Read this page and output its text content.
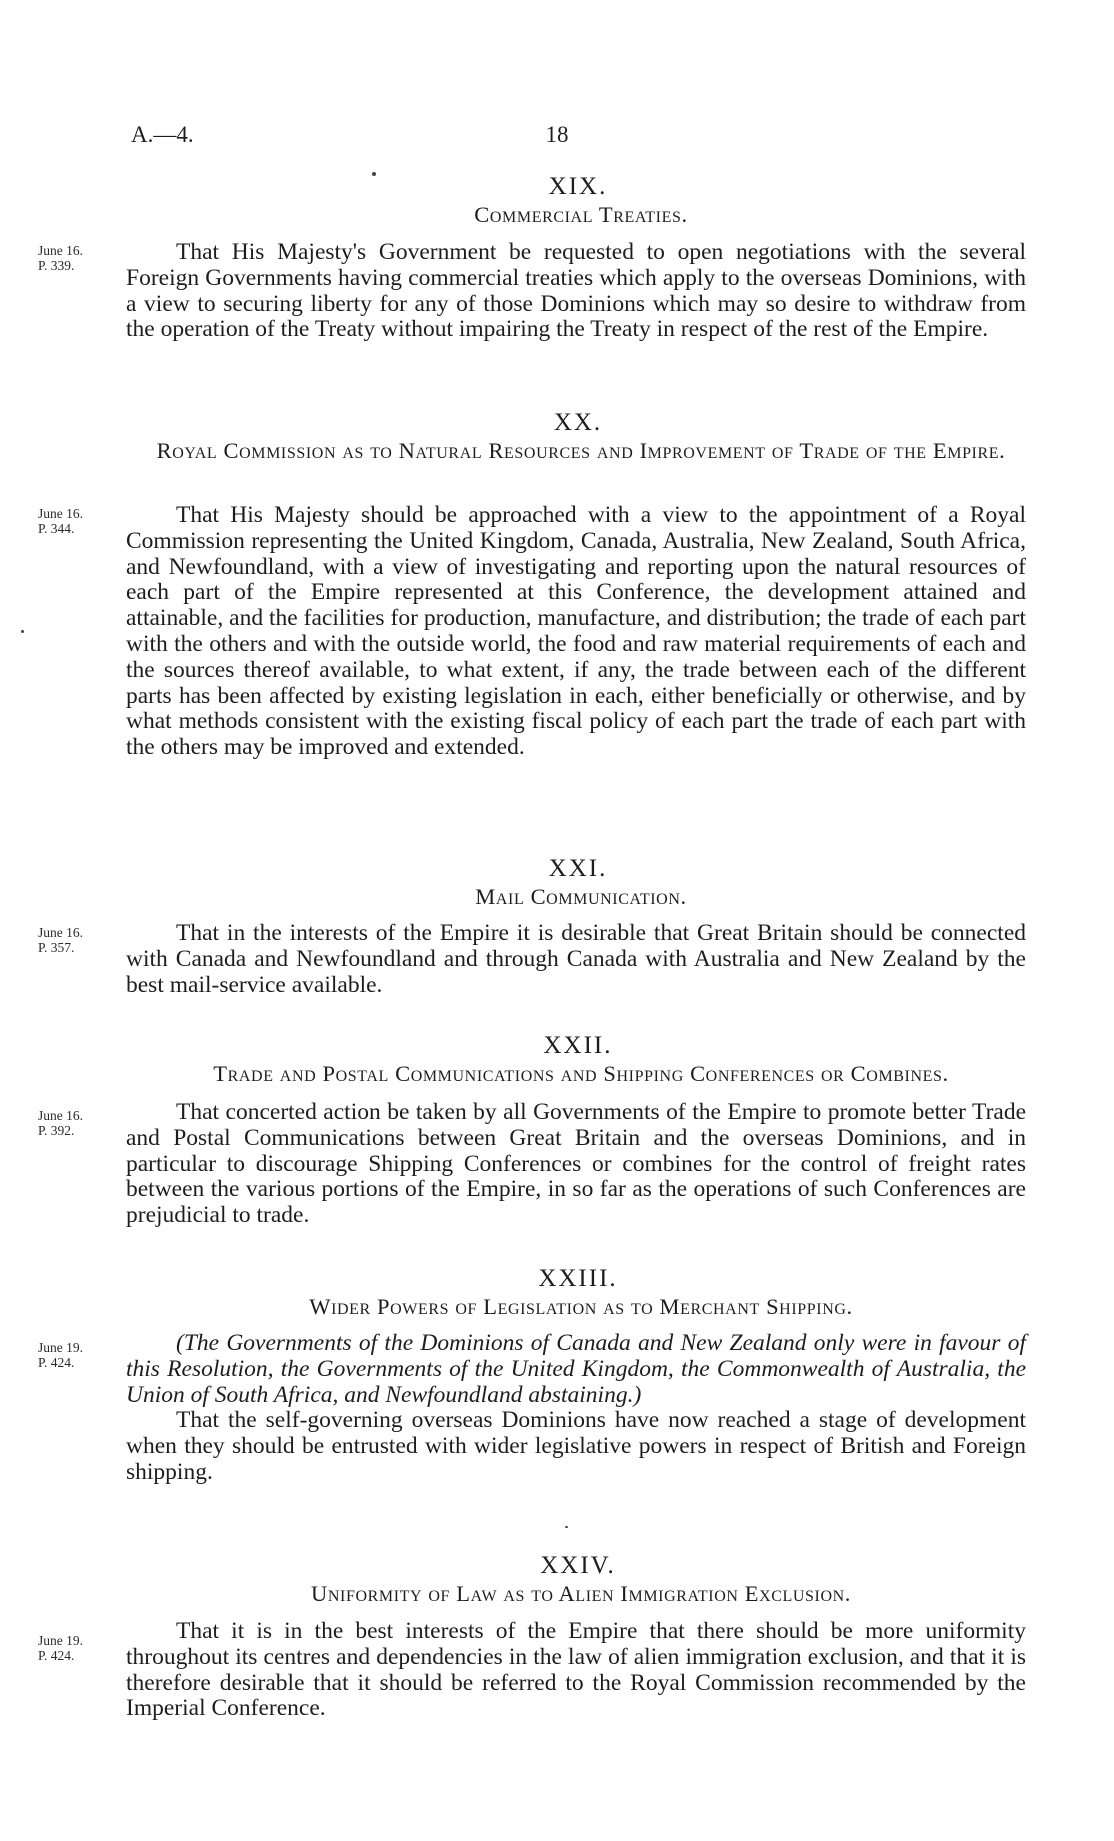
A.—4.	18
XIX.
Commercial Treaties.
June 16.
P. 339.

That His Majesty's Government be requested to open negotiations with the several Foreign Governments having commercial treaties which apply to the overseas Dominions, with a view to securing liberty for any of those Dominions which may so desire to withdraw from the operation of the Treaty without impairing the Treaty in respect of the rest of the Empire.

XX.
Royal Commission as to Natural Resources and Improvement of Trade of the Empire.
June 16.
P. 344.

That His Majesty should be approached with a view to the appointment of a Royal Commission representing the United Kingdom, Canada, Australia, New Zealand, South Africa, and Newfoundland, with a view of investigating and reporting upon the natural resources of each part of the Empire represented at this Conference, the development attained and attainable, and the facilities for production, manufacture, and distribution; the trade of each part with the others and with the outside world, the food and raw material requirements of each and the sources thereof available, to what extent, if any, the trade between each of the different parts has been affected by existing legislation in each, either beneficially or otherwise, and by what methods consistent with the existing fiscal policy of each part the trade of each part with the others may be improved and extended.

XXI.
Mail Communication.
June 16.
P. 357.

That in the interests of the Empire it is desirable that Great Britain should be connected with Canada and Newfoundland and through Canada with Australia and New Zealand by the best mail-service available.

XXII.
Trade and Postal Communications and Shipping Conferences or Combines.
June 16.
P. 392.

That concerted action be taken by all Governments of the Empire to promote better Trade and Postal Communications between Great Britain and the overseas Dominions, and in particular to discourage Shipping Conferences or combines for the control of freight rates between the various portions of the Empire, in so far as the operations of such Conferences are prejudicial to trade.

XXIII.
Wider Powers of Legislation as to Merchant Shipping.
June 19.
P. 424.

(The Governments of the Dominions of Canada and New Zealand only were in favour of this Resolution, the Governments of the United Kingdom, the Commonwealth of Australia, the Union of South Africa, and Newfoundland abstaining.)

That the self-governing overseas Dominions have now reached a stage of development when they should be entrusted with wider legislative powers in respect of British and Foreign shipping.

XXIV.
Uniformity of Law as to Alien Immigration Exclusion.
June 19.
P. 424.

That it is in the best interests of the Empire that there should be more uniformity throughout its centres and dependencies in the law of alien immigration exclusion, and that it is therefore desirable that it should be referred to the Royal Commission recommended by the Imperial Conference.
